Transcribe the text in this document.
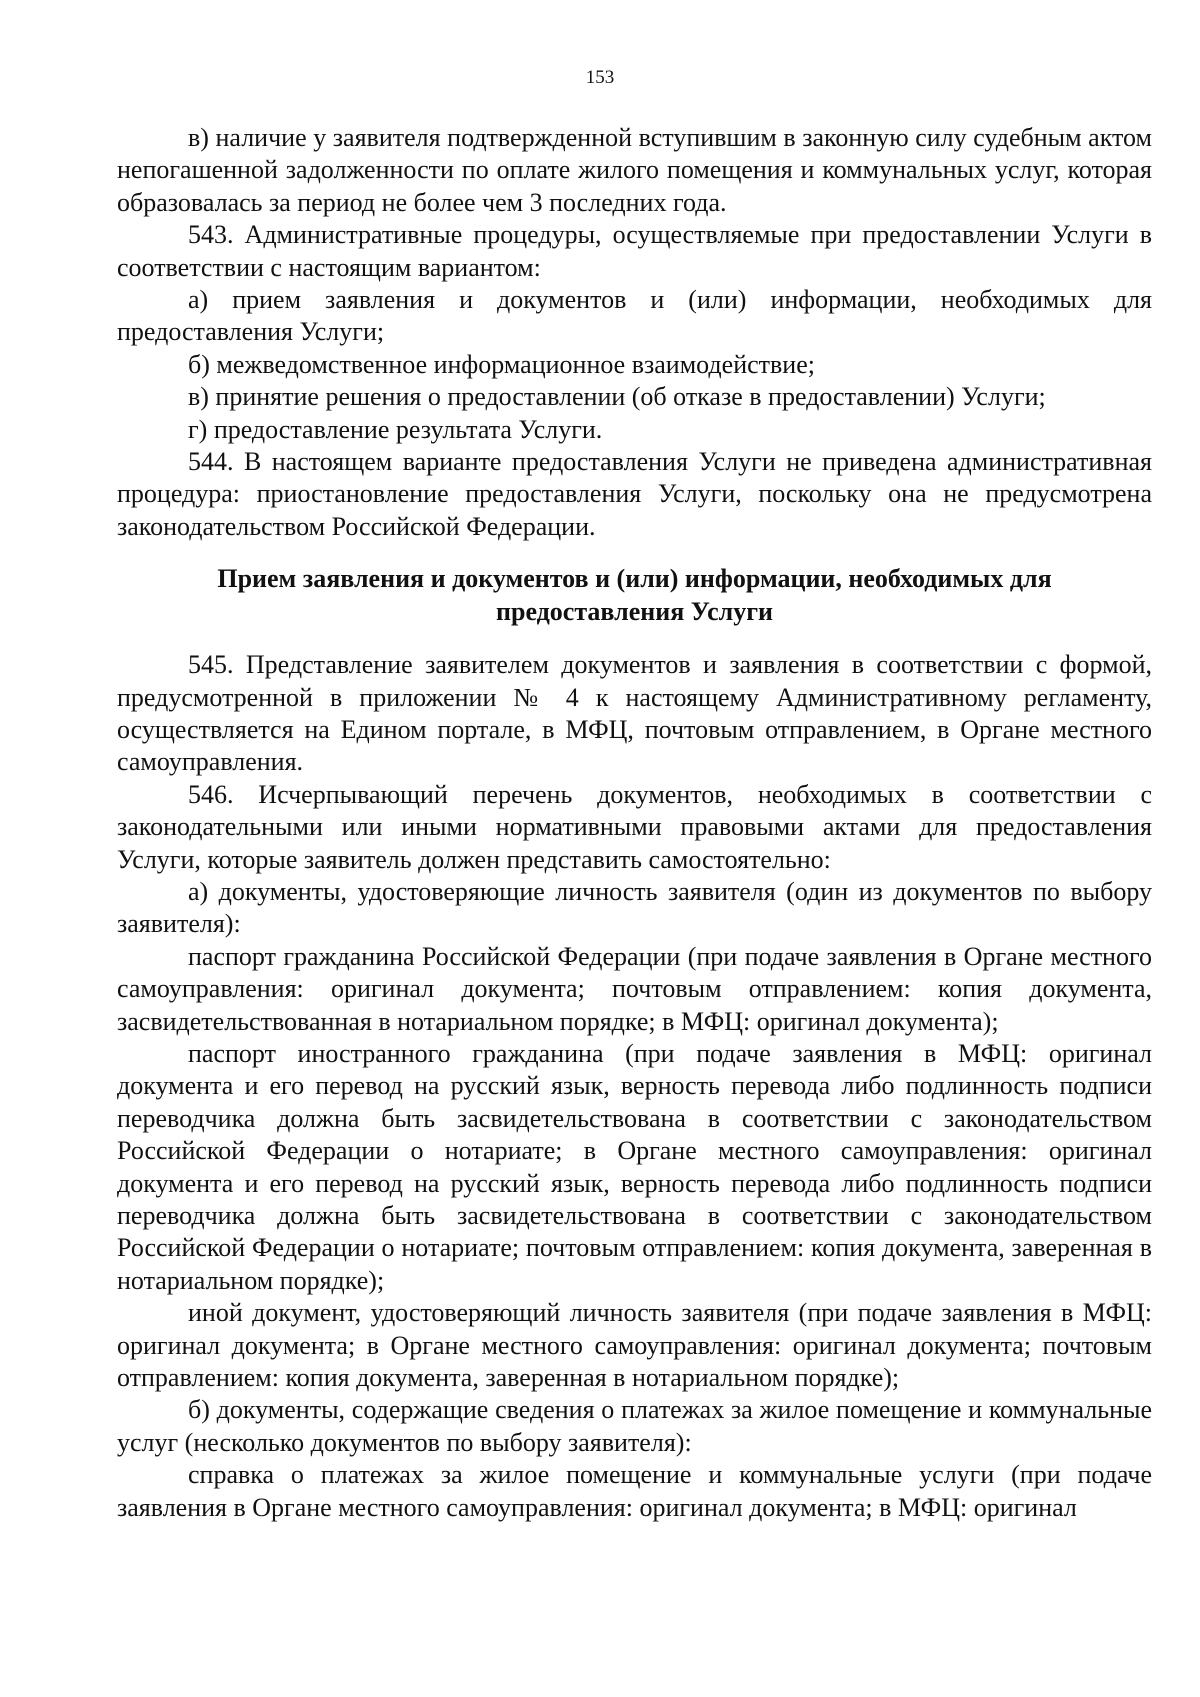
153

в) наличие у заявителя подтвержденной вступившим в законную силу судебным актом непогашенной задолженности по оплате жилого помещения и коммунальных услуг, которая образовалась за период не более чем 3 последних года.

543. Административные процедуры, осуществляемые при предоставлении Услуги в соответствии с настоящим вариантом:

а) прием заявления и документов и (или) информации, необходимых для предоставления Услуги;

б) межведомственное информационное взаимодействие;

в) принятие решения о предоставлении (об отказе в предоставлении) Услуги;

г) предоставление результата Услуги.

544. В настоящем варианте предоставления Услуги не приведена административная процедура: приостановление предоставления Услуги, поскольку она не предусмотрена законодательством Российской Федерации.

Прием заявления и документов и (или) информации, необходимых для
предоставления Услуги

545. Представление заявителем документов и заявления в соответствии с формой, предусмотренной в приложении № 4 к настоящему Административному регламенту, осуществляется на Едином портале, в МФЦ, почтовым отправлением, в Органе местного самоуправления.

546. Исчерпывающий перечень документов, необходимых в соответствии с законодательными или иными нормативными правовыми актами для предоставления Услуги, которые заявитель должен представить самостоятельно:

а) документы, удостоверяющие личность заявителя (один из документов по выбору заявителя):

паспорт гражданина Российской Федерации (при подаче заявления в Органе местного самоуправления: оригинал документа; почтовым отправлением: копия документа, засвидетельствованная в нотариальном порядке; в МФЦ: оригинал документа);

паспорт иностранного гражданина (при подаче заявления в МФЦ: оригинал документа и его перевод на русский язык, верность перевода либо подлинность подписи переводчика должна быть засвидетельствована в соответствии с законодательством Российской Федерации о нотариате; в Органе местного самоуправления: оригинал документа и его перевод на русский язык, верность перевода либо подлинность подписи переводчика должна быть засвидетельствована в соответствии с законодательством Российской Федерации о нотариате; почтовым отправлением: копия документа, заверенная в нотариальном порядке);

иной документ, удостоверяющий личность заявителя (при подаче заявления в МФЦ: оригинал документа; в Органе местного самоуправления: оригинал документа; почтовым отправлением: копия документа, заверенная в нотариальном порядке);

б) документы, содержащие сведения о платежах за жилое помещение и коммунальные услуг (несколько документов по выбору заявителя):

справка о платежах за жилое помещение и коммунальные услуги (при подаче заявления в Органе местного самоуправления: оригинал документа; в МФЦ: оригинал
